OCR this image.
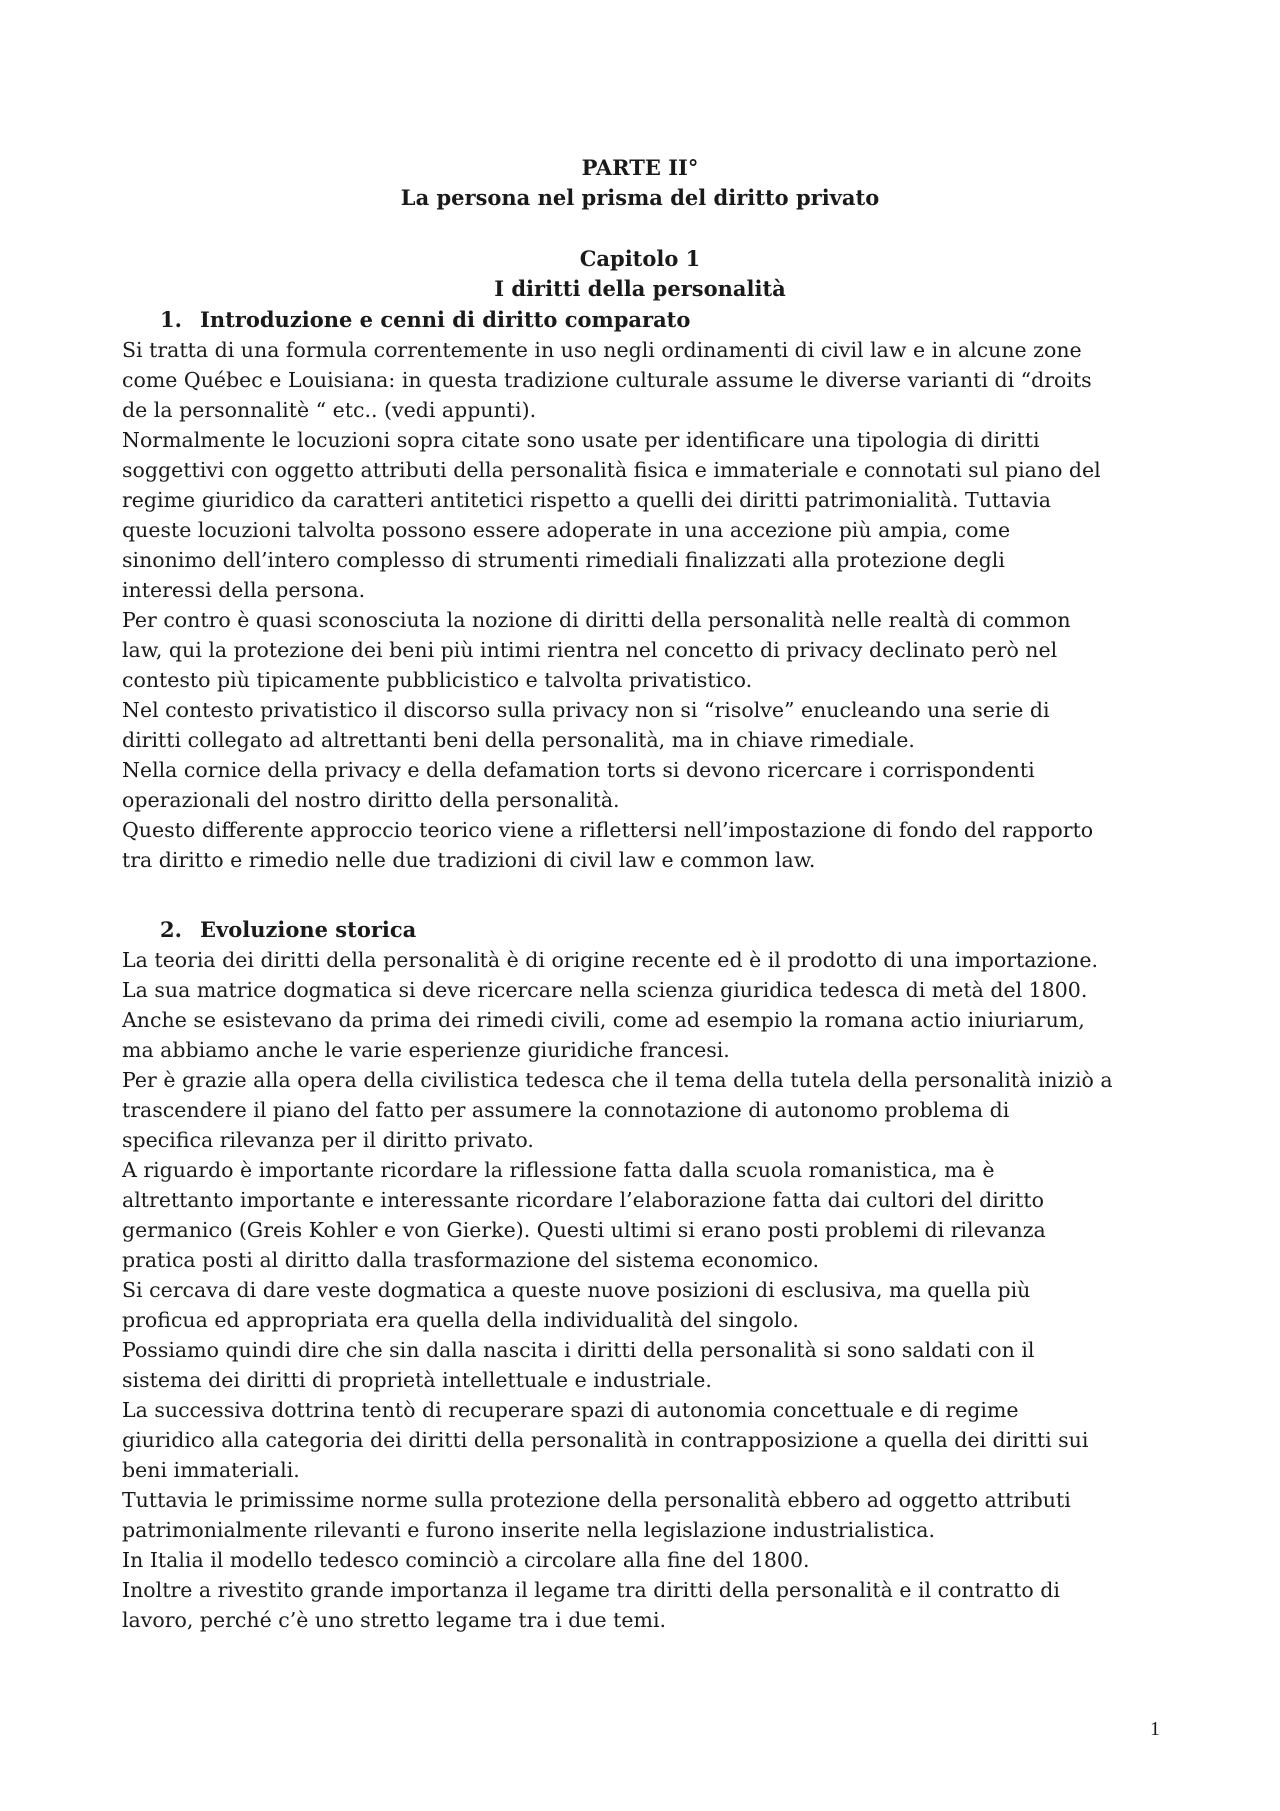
PARTE II°
La persona nel prisma del diritto privato
Capitolo 1
I diritti della personalità
1. Introduzione e cenni di diritto comparato
Si tratta di una formula correntemente in uso negli ordinamenti di civil law e in alcune zone
come Québec e Louisiana: in questa tradizione culturale assume le diverse varianti di “droits
de la personnalitè “ etc.. (vedi appunti).
Normalmente le locuzioni sopra citate sono usate per identificare una tipologia di diritti
soggettivi con oggetto attributi della personalità fisica e immateriale e connotati sul piano del
regime giuridico da caratteri antitetici rispetto a quelli dei diritti patrimonialità. Tuttavia
queste locuzioni talvolta possono essere adoperate in una accezione più ampia, come
sinonimo dell’intero complesso di strumenti rimediali finalizzati alla protezione degli
interessi della persona.
Per contro è quasi sconosciuta la nozione di diritti della personalità nelle realtà di common
law, qui la protezione dei beni più intimi rientra nel concetto di privacy declinato però nel
contesto più tipicamente pubblicistico e talvolta privatistico.
Nel contesto privatistico il discorso sulla privacy non si “risolve” enucleando una serie di
diritti collegato ad altrettanti beni della personalità, ma in chiave rimediale.
Nella cornice della privacy e della defamation torts si devono ricercare i corrispondenti
operazionali del nostro diritto della personalità.
Questo differente approccio teorico viene a riflettersi nell’impostazione di fondo del rapporto
tra diritto e rimedio nelle due tradizioni di civil law e common law.
2. Evoluzione storica
La teoria dei diritti della personalità è di origine recente ed è il prodotto di una importazione.
La sua matrice dogmatica si deve ricercare nella scienza giuridica tedesca di metà del 1800.
Anche se esistevano da prima dei rimedi civili, come ad esempio la romana actio iniuriarum,
ma abbiamo anche le varie esperienze giuridiche francesi.
Per è grazie alla opera della civilistica tedesca che il tema della tutela della personalità iniziò a
trascendere il piano del fatto per assumere la connotazione di autonomo problema di
specifica rilevanza per il diritto privato.
A riguardo è importante ricordare la riflessione fatta dalla scuola romanistica, ma è
altrettanto importante e interessante ricordare l’elaborazione fatta dai cultori del diritto
germanico (Greis Kohler e von Gierke). Questi ultimi si erano posti problemi di rilevanza
pratica posti al diritto dalla trasformazione del sistema economico.
Si cercava di dare veste dogmatica a queste nuove posizioni di esclusiva, ma quella più
proficua ed appropriata era quella della individualità del singolo.
Possiamo quindi dire che sin dalla nascita i diritti della personalità si sono saldati con il
sistema dei diritti di proprietà intellettuale e industriale.
La successiva dottrina tentò di recuperare spazi di autonomia concettuale e di regime
giuridico alla categoria dei diritti della personalità in contrapposizione a quella dei diritti sui
beni immateriali.
Tuttavia le primissime norme sulla protezione della personalità ebbero ad oggetto attributi
patrimonialmente rilevanti e furono inserite nella legislazione industrialistica.
In Italia il modello tedesco cominciò a circolare alla fine del 1800.
Inoltre a rivestito grande importanza il legame tra diritti della personalità e il contratto di
lavoro, perché c’è uno stretto legame tra i due temi.
1
